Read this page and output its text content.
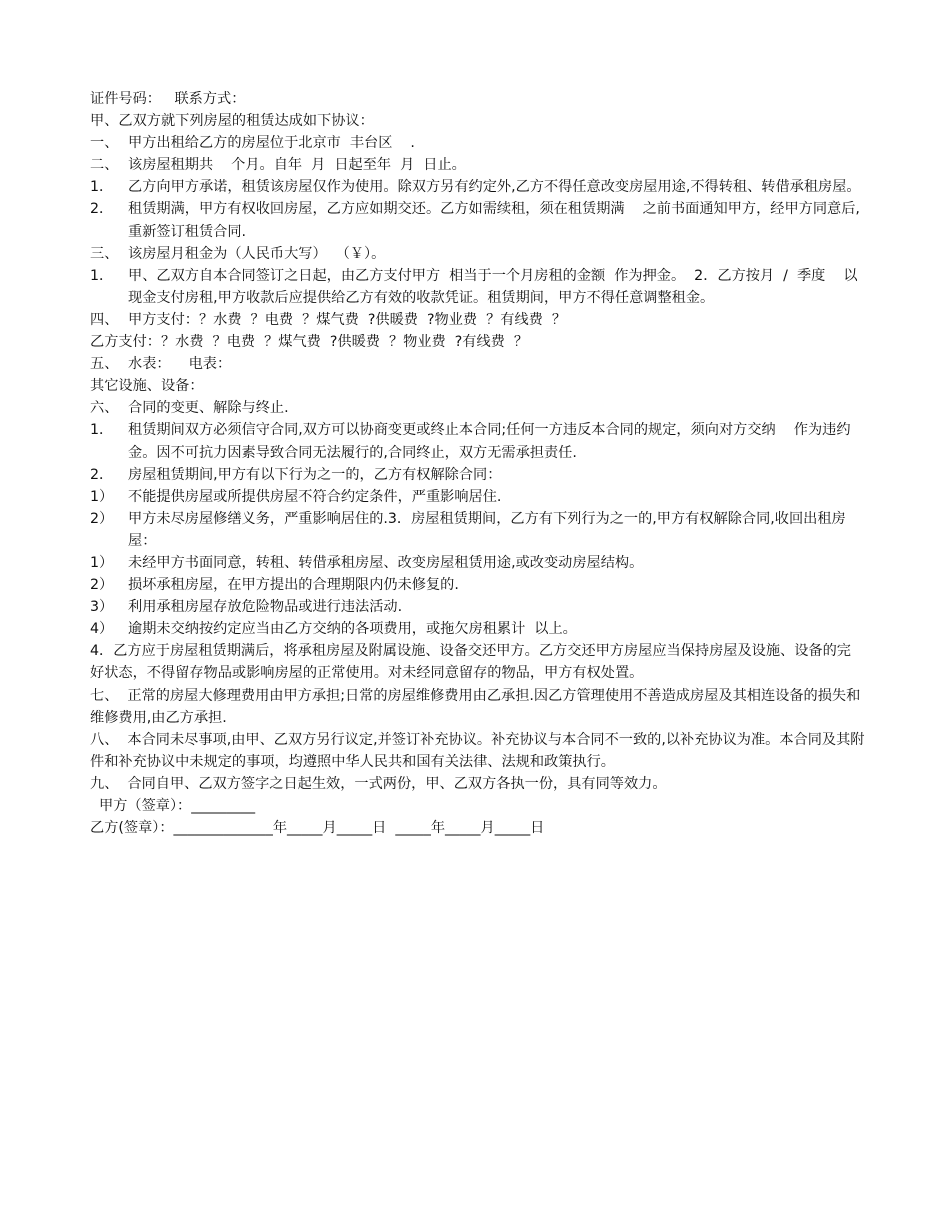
证件号码：   联系方式：
甲、乙双方就下列房屋的租赁达成如下协议：
一、 甲方出租给乙方的房屋位于北京市  丰台区    .
二、 该房屋租期共    个月。自年  月  日起至年  月  日止。
1． 乙方向甲方承诺，租赁该房屋仅作为使用。除双方另有约定外,乙方不得任意改变房屋用途,不得转租、转借承租房屋。
2． 租赁期满，甲方有权收回房屋，乙方应如期交还。乙方如需续租，须在租赁期满    之前书面通知甲方，经甲方同意后,重新签订租赁合同.
三、 该房屋月租金为（人民币大写）  （￥）。
1． 甲、乙双方自本合同签订之日起，由乙方支付甲方  相当于一个月房租的金额  作为押金。  2．乙方按月  /  季度    以现金支付房租,甲方收款后应提供给乙方有效的收款凭证。租赁期间，甲方不得任意调整租金。
四、 甲方支付：？水费  ？电费  ？煤气费  ?供暖费  ?物业费  ？有线费  ？
乙方支付：？水费  ？电费  ？煤气费  ?供暖费  ？物业费  ?有线费  ？
五、 水表：    电表：
其它设施、设备：
六、 合同的变更、解除与终止.
1． 租赁期间双方必须信守合同,双方可以协商变更或终止本合同;任何一方违反本合同的规定，须向对方交纳    作为违约金。因不可抗力因素导致合同无法履行的,合同终止，双方无需承担责任.
2． 房屋租赁期间,甲方有以下行为之一的，乙方有权解除合同：
1） 不能提供房屋或所提供房屋不符合约定条件，严重影响居住.
2） 甲方未尽房屋修缮义务，严重影响居住的.3．房屋租赁期间，乙方有下列行为之一的,甲方有权解除合同,收回出租房屋：
1） 未经甲方书面同意，转租、转借承租房屋、改变房屋租赁用途,或改变动房屋结构。
2） 损坏承租房屋，在甲方提出的合理期限内仍未修复的.
3） 利用承租房屋存放危险物品或进行违法活动.
4） 逾期未交纳按约定应当由乙方交纳的各项费用，或拖欠房租累计  以上。
4．乙方应于房屋租赁期满后，将承租房屋及附属设施、设备交还甲方。乙方交还甲方房屋应当保持房屋及设施、设备的完好状态，不得留存物品或影响房屋的正常使用。对未经同意留存的物品，甲方有权处置。
七、  正常的房屋大修理费用由甲方承担;日常的房屋维修费用由乙承担.因乙方管理使用不善造成房屋及其相连设备的损失和维修费用,由乙方承担.
八、  本合同未尽事项,由甲、乙双方另行议定,并签订补充协议。补充协议与本合同不一致的,以补充协议为准。本合同及其附件和补充协议中未规定的事项，均遵照中华人民共和国有关法律、法规和政策执行。
九、  合同自甲、乙双方签字之日起生效，一式两份，甲、乙双方各执一份，具有同等效力。
甲方（签章）：_________
乙方(签章）：______________年_____月_____日  _____年_____月_____日
